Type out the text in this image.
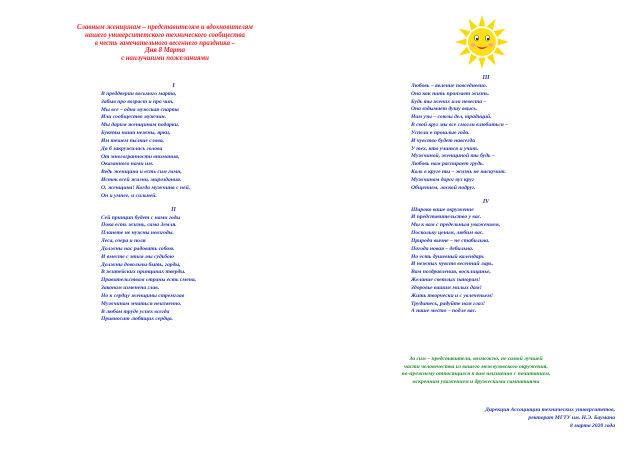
Славным женщинам – представителям и вдохновителям
нашего университетского технического сообщества
в честь замечательного весеннего праздника –
Дня 8 Марта
с наилучшими пожеланиями
I
В преддверии восьмого марта,
Забыв про возраст и про чин,
Мы все – одна мужская спарта
Или сообщество мужчин.
Мы дарим женщинам подарки.
Букеты наши нежны, ярки,
Им тешем пылкие слова,
Да б закружилась голова
От многогранности внимания,
Оказанного нами им.
Ведь женщина и есть сим гимн,
Исток всей жизни, мироздания.
О, женщина! Когда мужчина с ней,
Он и умнее, и сильней.
II
Сей принцип будет с нами годы
Пока есть жизнь, сама Земля.
Планете не нужны невзгоды.
Леса, озера и поля
Должны нас радовать собою.
И вместе с этим мы судьбою
Должны довольны быть, горды,
В житейских принципах тверды.
Правительствам страны есть смена,
Законам изменена глав.
Но к сердцу женщины стремглав
Мужчинам мчаться неизменно.
В любом труде успех всегда
Привносит любящих сердца.
III
Любовь – явление повседневно.
Она как нить пронзает жизнь.
Будь ты жених или невеста –
Она вздымает душу ввысь.
Нам узы – союзы дел, традиций.
В свой круг мы все смогли влюбиться –
Успели в прошлые года.
И чувство будет навсегда
У тех, кто учится и учит.
Мужчиной, женщиной ты будь –
Любовь нам распирает грудь.
Коль в круге ты – жизнь не наскучит.
Мужчинам дорог вуз круг
Общением, лаской подруг.
IV
Широко ваше окружение
И представительство у вас.
Мы к вам с предельным уважением,
Поскольку ценим, любим вас.
Природа вычне – не стабильна.
Погода новая – дебильна.
Но есть душевный календарь
И нежных чувств весенний ларь.
Вам поздравления, восклицанье,
Желание светлых панорам!
Здоровье вашим милых дам!
Жить творчески и с увлеченьем!
Трудитесь, радуйте нам глаз!
А наше место – подле вас.
За сим – представители, возможно, не самой лучшей
части человечества из вашего межвузовского окружения,
по-прежнему относящиеся к вам неизменно с почитанием,
искренним уважением и дружескими симпатиями
Дирекция Ассоциации технических университетов,
ректорат МГТУ им. Н.Э. Баумана
8 марта 2020 года
